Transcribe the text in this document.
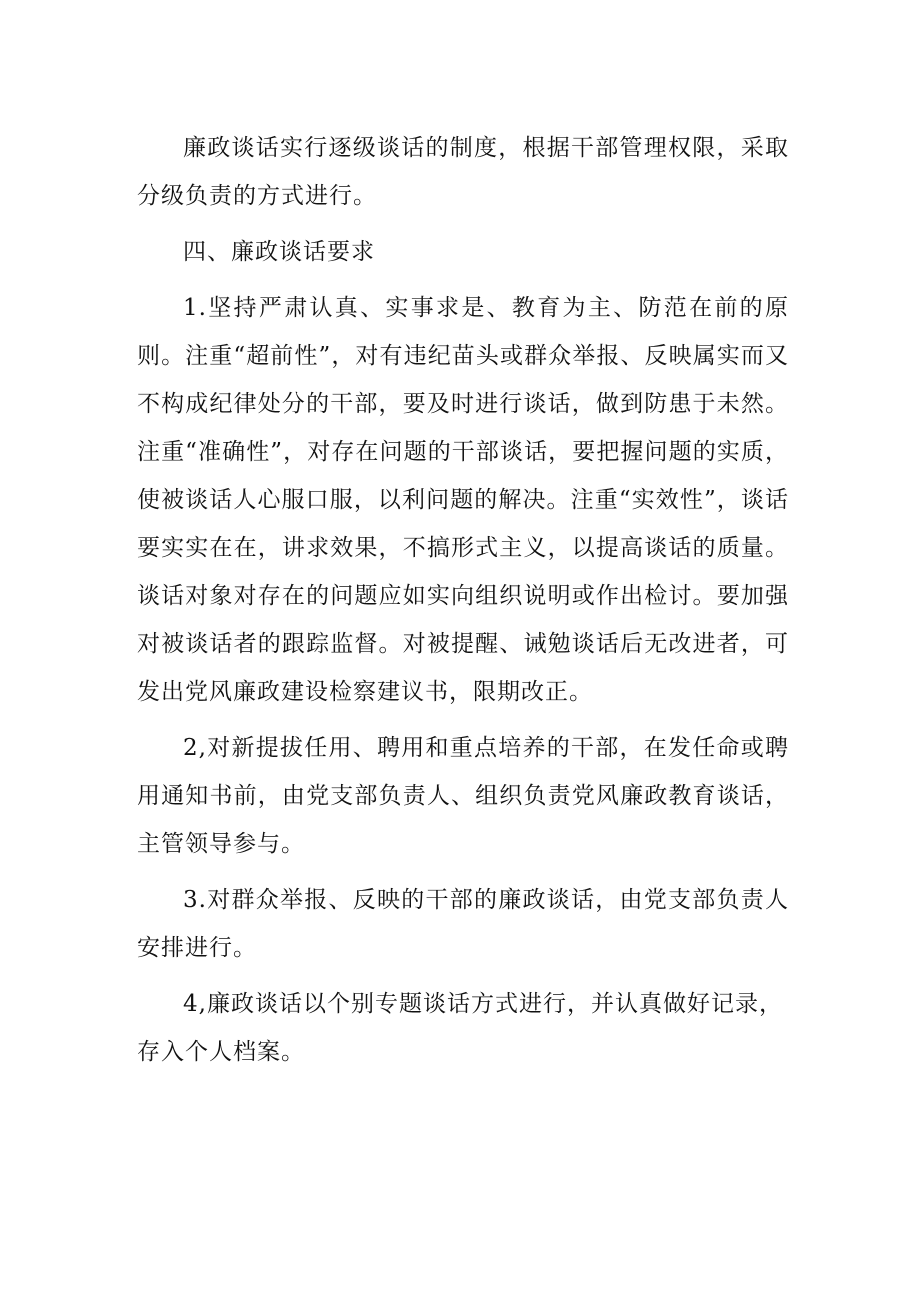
廉政谈话实行逐级谈话的制度，根据干部管理权限，采取分级负责的方式进行。

四、廉政谈话要求

1.坚持严肃认真、实事求是、教育为主、防范在前的原则。注重“超前性”，对有违纪苗头或群众举报、反映属实而又不构成纪律处分的干部，要及时进行谈话，做到防患于未然。注重“准确性”，对存在问题的干部谈话，要把握问题的实质，使被谈话人心服口服，以利问题的解决。注重“实效性”，谈话要实实在在，讲求效果，不搞形式主义，以提高谈话的质量。谈话对象对存在的问题应如实向组织说明或作出检讨。要加强对被谈话者的跟踪监督。对被提醒、诫勉谈话后无改进者，可发出党风廉政建设检察建议书，限期改正。

2,对新提拔任用、聘用和重点培养的干部，在发任命或聘用通知书前，由党支部负责人、组织负责党风廉政教育谈话，主管领导参与。

3.对群众举报、反映的干部的廉政谈话，由党支部负责人安排进行。

4,廉政谈话以个别专题谈话方式进行，并认真做好记录，
存入个人档案。
